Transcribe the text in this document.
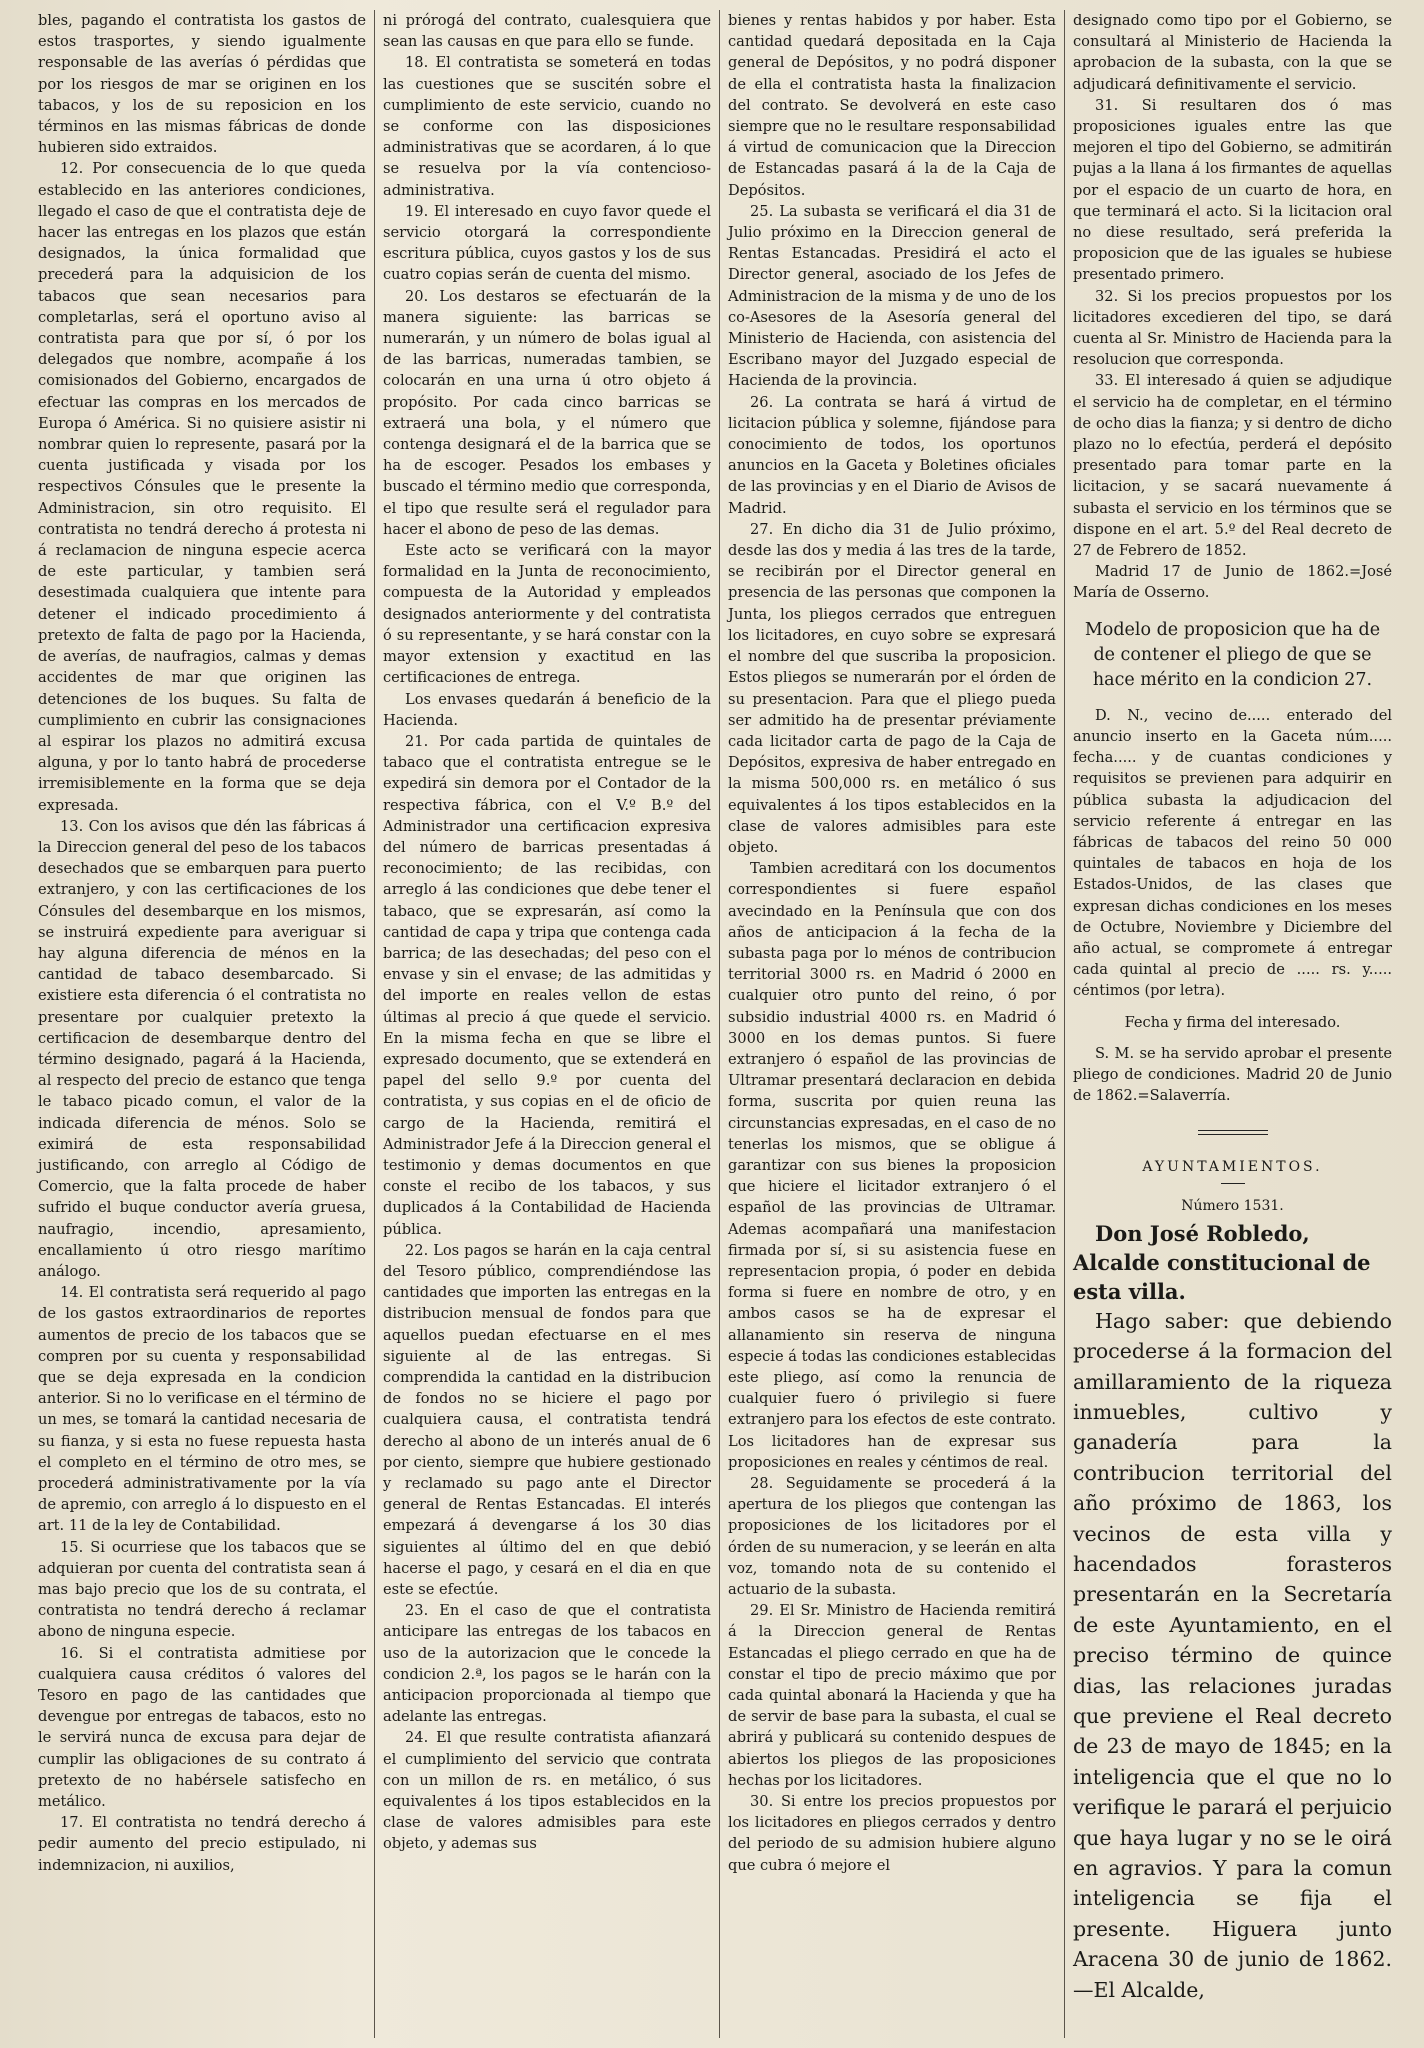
bles, pagando el contratista los gastos de estos trasportes, y siendo igualmente responsable de las averías ó pérdidas que por los riesgos de mar se originen en los tabacos, y los de su reposicion en los términos en las mismas fábricas de donde hubieren sido extraidos.

12. Por consecuencia de lo que queda establecido en las anteriores condiciones, llegado el caso de que el contratista deje de hacer las entregas en los plazos que están designados, la única formalidad que precederá para la adquisicion de los tabacos que sean necesarios para completarlas, será el oportuno aviso al contratista para que por sí, ó por los delegados que nombre, acompañe á los comisionados del Gobierno, encargados de efectuar las compras en los mercados de Europa ó América. Si no quisiere asistir ni nombrar quien lo represente, pasará por la cuenta justificada y visada por los respectivos Cónsules que le presente la Administracion, sin otro requisito. El contratista no tendrá derecho á protesta ni á reclamacion de ninguna especie acerca de este particular, y tambien será desestimada cualquiera que intente para detener el indicado procedimiento á pretexto de falta de pago por la Hacienda, de averías, de naufragios, calmas y demas accidentes de mar que originen las detenciones de los buques. Su falta de cumplimiento en cubrir las consignaciones al espirar los plazos no admitirá excusa alguna, y por lo tanto habrá de procederse irremisiblemente en la forma que se deja expresada.

13. Con los avisos que dén las fábricas á la Direccion general del peso de los tabacos desechados que se embarquen para puerto extranjero, y con las certificaciones de los Cónsules del desembarque en los mismos, se instruirá expediente para averiguar si hay alguna diferencia de ménos en la cantidad de tabaco desembarcado. Si existiere esta diferencia ó el contratista no presentare por cualquier pretexto la certificacion de desembarque dentro del término designado, pagará á la Hacienda, al respecto del precio de estanco que tenga le tabaco picado comun, el valor de la indicada diferencia de ménos. Solo se eximirá de esta responsabilidad justificando, con arreglo al Código de Comercio, que la falta procede de haber sufrido el buque conductor avería gruesa, naufragio, incendio, apresamiento, encallamiento ú otro riesgo marítimo análogo.

14. El contratista será requerido al pago de los gastos extraordinarios de reportes aumentos de precio de los tabacos que se compren por su cuenta y responsabilidad que se deja expresada en la condicion anterior. Si no lo verificase en el término de un mes, se tomará la cantidad necesaria de su fianza, y si esta no fuese repuesta hasta el completo en el término de otro mes, se procederá administrativamente por la vía de apremio, con arreglo á lo dispuesto en el art. 11 de la ley de Contabilidad.

15. Si ocurriese que los tabacos que se adquieran por cuenta del contratista sean á mas bajo precio que los de su contrata, el contratista no tendrá derecho á reclamar abono de ninguna especie.

16. Si el contratista admitiese por cualquiera causa créditos ó valores del Tesoro en pago de las cantidades que devengue por entregas de tabacos, esto no le servirá nunca de excusa para dejar de cumplir las obligaciones de su contrato á pretexto de no habérsele satisfecho en metálico.

17. El contratista no tendrá derecho á pedir aumento del precio estipulado, ni indemnizacion, ni auxilios,

ni prórogá del contrato, cualesquiera que sean las causas en que para ello se funde.

18. El contratista se someterá en todas las cuestiones que se suscitén sobre el cumplimiento de este servicio, cuando no se conforme con las disposiciones administrativas que se acordaren, á lo que se resuelva por la vía contencioso-administrativa.

19. El interesado en cuyo favor quede el servicio otorgará la correspondiente escritura pública, cuyos gastos y los de sus cuatro copias serán de cuenta del mismo.

20. Los destaros se efectuarán de la manera siguiente: las barricas se numerarán, y un número de bolas igual al de las barricas, numeradas tambien, se colocarán en una urna ú otro objeto á propósito. Por cada cinco barricas se extraerá una bola, y el número que contenga designará el de la barrica que se ha de escoger. Pesados los embases y buscado el término medio que corresponda, el tipo que resulte será el regulador para hacer el abono de peso de las demas.

Este acto se verificará con la mayor formalidad en la Junta de reconocimiento, compuesta de la Autoridad y empleados designados anteriormente y del contratista ó su representante, y se hará constar con la mayor extension y exactitud en las certificaciones de entrega.

Los envases quedarán á beneficio de la Hacienda.

21. Por cada partida de quintales de tabaco que el contratista entregue se le expedirá sin demora por el Contador de la respectiva fábrica, con el V.º B.º del Administrador una certificacion expresiva del número de barricas presentadas á reconocimiento; de las recibidas, con arreglo á las condiciones que debe tener el tabaco, que se expresarán, así como la cantidad de capa y tripa que contenga cada barrica; de las desechadas; del peso con el envase y sin el envase; de las admitidas y del importe en reales vellon de estas últimas al precio á que quede el servicio. En la misma fecha en que se libre el expresado documento, que se extenderá en papel del sello 9.º por cuenta del contratista, y sus copias en el de oficio de cargo de la Hacienda, remitirá el Administrador Jefe á la Direccion general el testimonio y demas documentos en que conste el recibo de los tabacos, y sus duplicados á la Contabilidad de Hacienda pública.

22. Los pagos se harán en la caja central del Tesoro público, comprendiéndose las cantidades que importen las entregas en la distribucion mensual de fondos para que aquellos puedan efectuarse en el mes siguiente al de las entregas. Si comprendida la cantidad en la distribucion de fondos no se hiciere el pago por cualquiera causa, el contratista tendrá derecho al abono de un interés anual de 6 por ciento, siempre que hubiere gestionado y reclamado su pago ante el Director general de Rentas Estancadas. El interés empezará á devengarse á los 30 dias siguientes al último del en que debió hacerse el pago, y cesará en el dia en que este se efectúe.

23. En el caso de que el contratista anticipare las entregas de los tabacos en uso de la autorizacion que le concede la condicion 2.ª, los pagos se le harán con la anticipacion proporcionada al tiempo que adelante las entregas.

24. El que resulte contratista afianzará el cumplimiento del servicio que contrata con un millon de rs. en metálico, ó sus equivalentes á los tipos establecidos en la clase de valores admisibles para este objeto, y ademas sus

bienes y rentas habidos y por haber. Esta cantidad quedará depositada en la Caja general de Depósitos, y no podrá disponer de ella el contratista hasta la finalizacion del contrato. Se devolverá en este caso siempre que no le resultare responsabilidad á virtud de comunicacion que la Direccion de Estancadas pasará á la de la Caja de Depósitos.

25. La subasta se verificará el dia 31 de Julio próximo en la Direccion general de Rentas Estancadas. Presidirá el acto el Director general, asociado de los Jefes de Administracion de la misma y de uno de los co-Asesores de la Asesoría general del Ministerio de Hacienda, con asistencia del Escribano mayor del Juzgado especial de Hacienda de la provincia.

26. La contrata se hará á virtud de licitacion pública y solemne, fijándose para conocimiento de todos, los oportunos anuncios en la Gaceta y Boletines oficiales de las provincias y en el Diario de Avisos de Madrid.

27. En dicho dia 31 de Julio próximo, desde las dos y media á las tres de la tarde, se recibirán por el Director general en presencia de las personas que componen la Junta, los pliegos cerrados que entreguen los licitadores, en cuyo sobre se expresará el nombre del que suscriba la proposicion. Estos pliegos se numerarán por el órden de su presentacion. Para que el pliego pueda ser admitido ha de presentar préviamente cada licitador carta de pago de la Caja de Depósitos, expresiva de haber entregado en la misma 500,000 rs. en metálico ó sus equivalentes á los tipos establecidos en la clase de valores admisibles para este objeto.

Tambien acreditará con los documentos correspondientes si fuere español avecindado en la Península que con dos años de anticipacion á la fecha de la subasta paga por lo ménos de contribucion territorial 3000 rs. en Madrid ó 2000 en cualquier otro punto del reino, ó por subsidio industrial 4000 rs. en Madrid ó 3000 en los demas puntos. Si fuere extranjero ó español de las provincias de Ultramar presentará declaracion en debida forma, suscrita por quien reuna las circunstancias expresadas, en el caso de no tenerlas los mismos, que se obligue á garantizar con sus bienes la proposicion que hiciere el licitador extranjero ó el español de las provincias de Ultramar. Ademas acompañará una manifestacion firmada por sí, si su asistencia fuese en representacion propia, ó poder en debida forma si fuere en nombre de otro, y en ambos casos se ha de expresar el allanamiento sin reserva de ninguna especie á todas las condiciones establecidas este pliego, así como la renuncia de cualquier fuero ó privilegio si fuere extranjero para los efectos de este contrato. Los licitadores han de expresar sus proposiciones en reales y céntimos de real.

28. Seguidamente se procederá á la apertura de los pliegos que contengan las proposiciones de los licitadores por el órden de su numeracion, y se leerán en alta voz, tomando nota de su contenido el actuario de la subasta.

29. El Sr. Ministro de Hacienda remitirá á la Direccion general de Rentas Estancadas el pliego cerrado en que ha de constar el tipo de precio máximo que por cada quintal abonará la Hacienda y que ha de servir de base para la subasta, el cual se abrirá y publicará su contenido despues de abiertos los pliegos de las proposiciones hechas por los licitadores.

30. Si entre los precios propuestos por los licitadores en pliegos cerrados y dentro del periodo de su admision hubiere alguno que cubra ó mejore el

designado como tipo por el Gobierno, se consultará al Ministerio de Hacienda la aprobacion de la subasta, con la que se adjudicará definitivamente el servicio.

31. Si resultaren dos ó mas proposiciones iguales entre las que mejoren el tipo del Gobierno, se admitirán pujas a la llana á los firmantes de aquellas por el espacio de un cuarto de hora, en que terminará el acto. Si la licitacion oral no diese resultado, será preferida la proposicion que de las iguales se hubiese presentado primero.

32. Si los precios propuestos por los licitadores excedieren del tipo, se dará cuenta al Sr. Ministro de Hacienda para la resolucion que corresponda.

33. El interesado á quien se adjudique el servicio ha de completar, en el término de ocho dias la fianza; y si dentro de dicho plazo no lo efectúa, perderá el depósito presentado para tomar parte en la licitacion, y se sacará nuevamente á subasta el servicio en los términos que se dispone en el art. 5.º del Real decreto de 27 de Febrero de 1852.

Madrid 17 de Junio de 1862.=José María de Osserno.

Modelo de proposicion que ha de de contener el pliego de que se hace mérito en la condicion 27.

D. N., vecino de..... enterado del anuncio inserto en la Gaceta núm..... fecha..... y de cuantas condiciones y requisitos se previenen para adquirir en pública subasta la adjudicacion del servicio referente á entregar en las fábricas de tabacos del reino 50 000 quintales de tabacos en hoja de los Estados-Unidos, de las clases que expresan dichas condiciones en los meses de Octubre, Noviembre y Diciembre del año actual, se compromete á entregar cada quintal al precio de ..... rs. y..... céntimos (por letra).

Fecha y firma del interesado.

S. M. se ha servido aprobar el presente pliego de condiciones. Madrid 20 de Junio de 1862.=Salaverría.

AYUNTAMIENTOS.
Número 1531.

Don José Robledo, Alcalde constitucional de esta villa.

Hago saber: que debiendo procederse á la formacion del amillaramiento de la riqueza inmuebles, cultivo y ganadería para la contribucion territorial del año próximo de 1863, los vecinos de esta villa y hacendados forasteros presentarán en la Secretaría de este Ayuntamiento, en el preciso término de quince dias, las relaciones juradas que previene el Real decreto de 23 de mayo de 1845; en la inteligencia que el que no lo verifique le parará el perjuicio que haya lugar y no se le oirá en agravios. Y para la comun inteligencia se fija el presente. Higuera junto Aracena 30 de junio de 1862.—El Alcalde,
